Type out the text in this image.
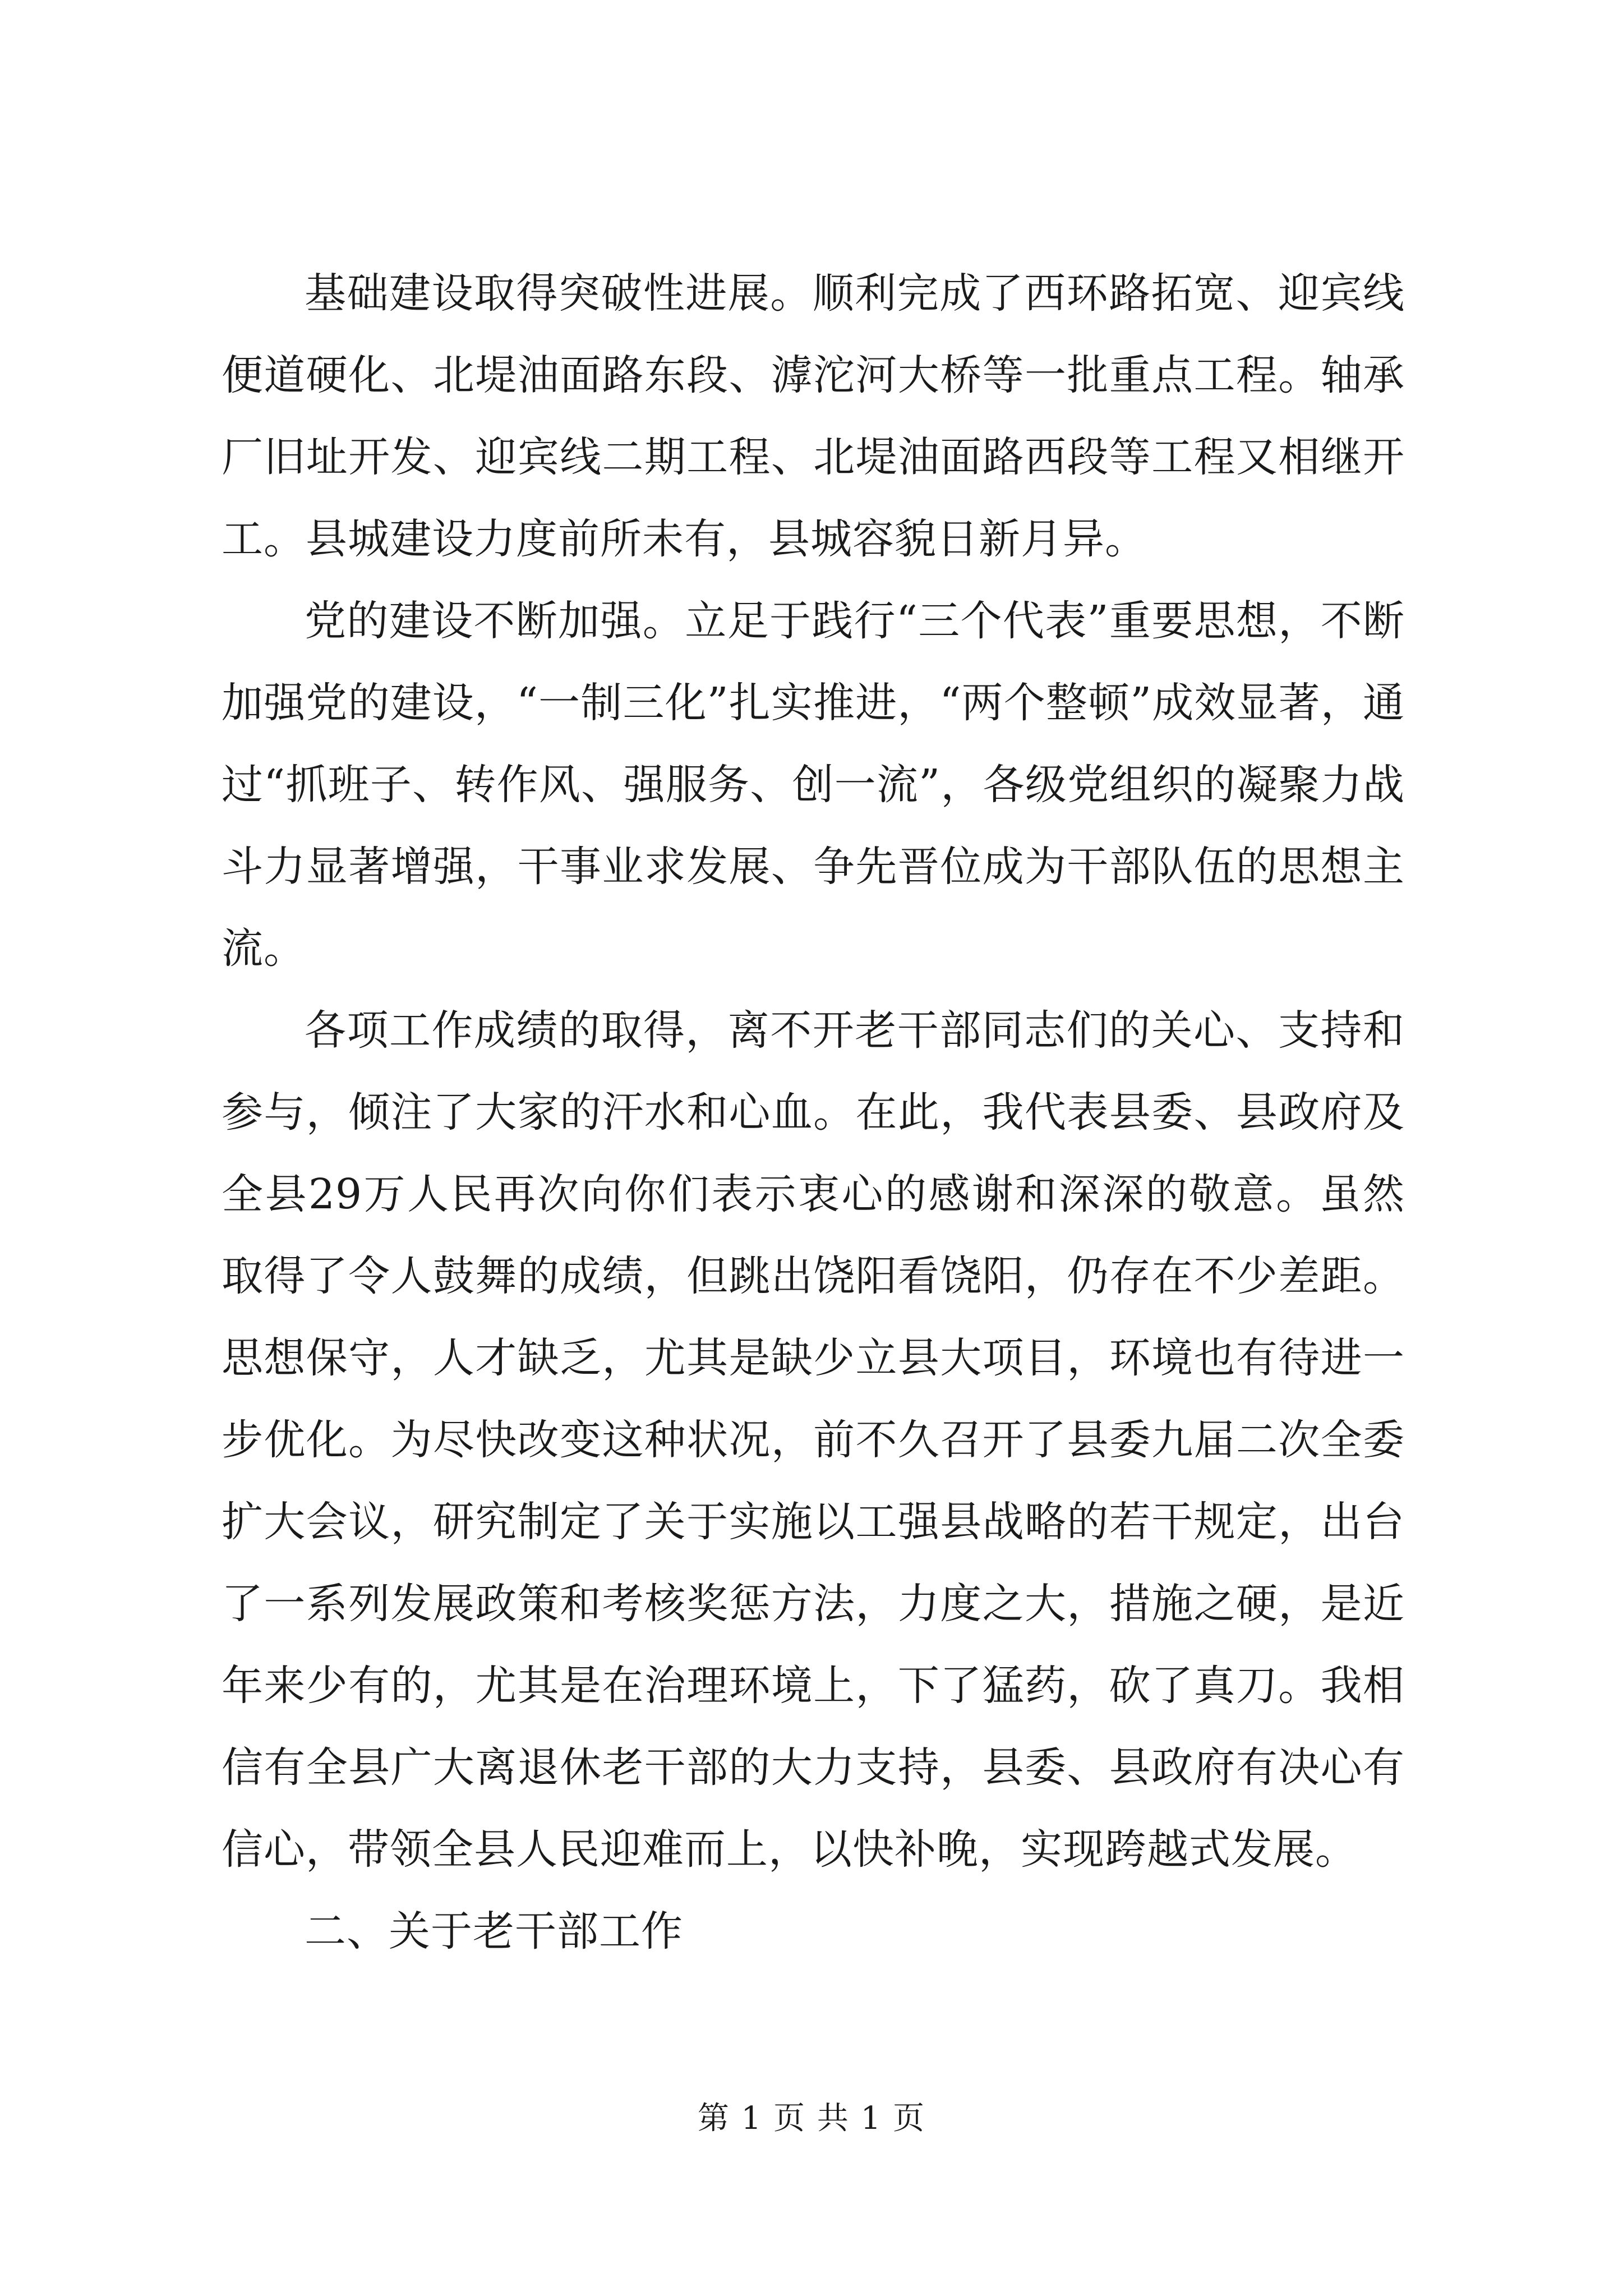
基础建设取得突破性进展。顺利完成了西环路拓宽、迎宾线便道硬化、北堤油面路东段、滹沱河大桥等一批重点工程。轴承厂旧址开发、迎宾线二期工程、北堤油面路西段等工程又相继开工。县城建设力度前所未有，县城容貌日新月异。

党的建设不断加强。立足于践行“三个代表”重要思想，不断加强党的建设，“一制三化”扎实推进，“两个整顿”成效显著，通过“抓班子、转作风、强服务、创一流”，各级党组织的凝聚力战斗力显著增强，干事业求发展、争先晋位成为干部队伍的思想主流。

各项工作成绩的取得，离不开老干部同志们的关心、支持和参与，倾注了大家的汗水和心血。在此，我代表县委、县政府及全县29万人民再次向你们表示衷心的感谢和深深的敬意。虽然取得了令人鼓舞的成绩，但跳出饶阳看饶阳，仍存在不少差距。思想保守，人才缺乏，尤其是缺少立县大项目，环境也有待进一步优化。为尽快改变这种状况，前不久召开了县委九届二次全委扩大会议，研究制定了关于实施以工强县战略的若干规定，出台了一系列发展政策和考核奖惩方法，力度之大，措施之硬，是近年来少有的，尤其是在治理环境上，下了猛药，砍了真刀。我相信有全县广大离退休老干部的大力支持，县委、县政府有决心有信心，带领全县人民迎难而上，以快补晚，实现跨越式发展。

二、关于老干部工作

第 1 页 共 1 页
